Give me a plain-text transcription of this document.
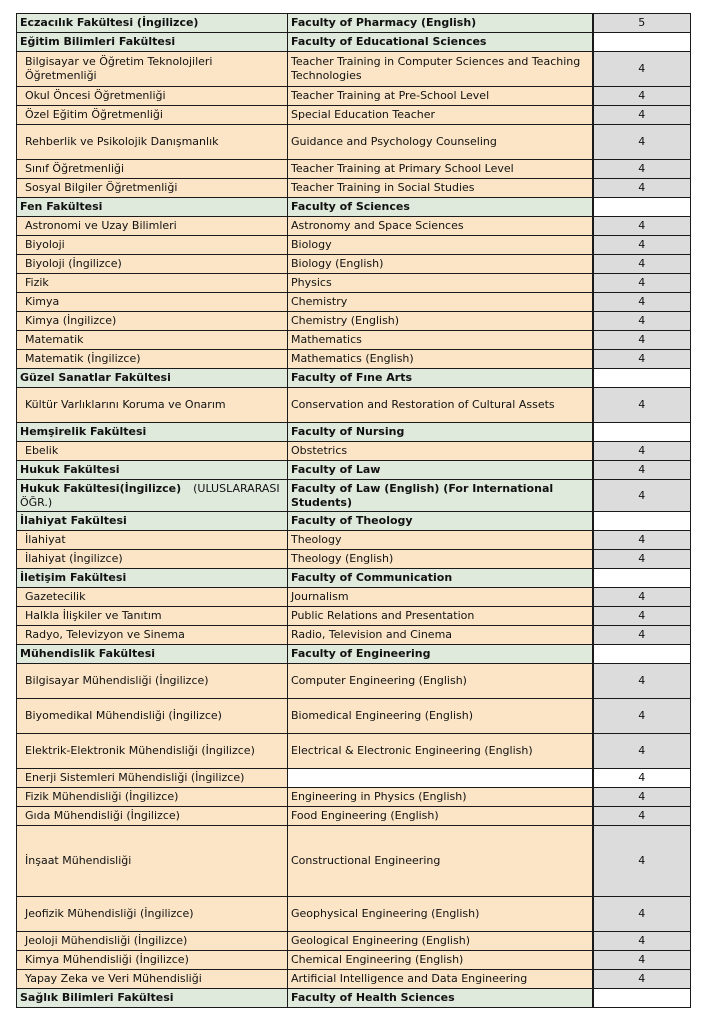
Eczacılık Fakültesi (İngilizce)	Faculty of Pharmacy (English)	5
Eğitim Bilimleri Fakültesi	Faculty of Educational Sciences	
Bilgisayar ve Öğretim Teknolojileri Öğretmenliği	Teacher Training in Computer Sciences and Teaching Technologies	4
Okul Öncesi Öğretmenliği	Teacher Training at Pre-School Level	4
Özel Eğitim Öğretmenliği	Special Education Teacher	4
Rehberlik ve Psikolojik Danışmanlık	Guidance and Psychology Counseling	4
Sınıf Öğretmenliği	Teacher Training at Primary School Level	4
Sosyal Bilgiler Öğretmenliği	Teacher Training in Social Studies	4
Fen Fakültesi	Faculty of Sciences	
Astronomi ve Uzay Bilimleri	Astronomy and Space Sciences	4
Biyoloji	Biology	4
Biyoloji (İngilizce)	Biology (English)	4
Fizik	Physics	4
Kimya	Chemistry	4
Kimya (İngilizce)	Chemistry (English)	4
Matematik	Mathematics	4
Matematik (İngilizce)	Mathematics (English)	4
Güzel Sanatlar Fakültesi	Faculty of Fıne Arts	
Kültür Varlıklarını Koruma ve Onarım	Conservation and Restoration of Cultural Assets	4
Hemşirelik Fakültesi	Faculty of Nursing	
Ebelik	Obstetrics	4
Hukuk Fakültesi	Faculty of Law	4
Hukuk Fakültesi(İngilizce) (ULUSLARARASI ÖĞR.)	Faculty of Law (English) (For International Students)	4
İlahiyat Fakültesi	Faculty of Theology	
İlahiyat	Theology	4
İlahiyat (İngilizce)	Theology (English)	4
İletişim Fakültesi	Faculty of Communication	
Gazetecilik	Journalism	4
Halkla İlişkiler ve Tanıtım	Public Relations and Presentation	4
Radyo, Televizyon ve Sinema	Radio, Television and Cinema	4
Mühendislik Fakültesi	Faculty of Engineering	
Bilgisayar Mühendisliği (İngilizce)	Computer Engineering (English)	4
Biyomedikal Mühendisliği (İngilizce)	Biomedical Engineering (English)	4
Elektrik-Elektronik Mühendisliği (İngilizce)	Electrical & Electronic Engineering (English)	4
Enerji Sistemleri Mühendisliği (İngilizce)		4
Fizik Mühendisliği (İngilizce)	Engineering in Physics (English)	4
Gıda Mühendisliği (İngilizce)	Food Engineering (English)	4
İnşaat Mühendisliği	Constructional Engineering	4
Jeofizik Mühendisliği (İngilizce)	Geophysical Engineering (English)	4
Jeoloji Mühendisliği (İngilizce)	Geological Engineering (English)	4
Kimya Mühendisliği (İngilizce)	Chemical Engineering (English)	4
Yapay Zeka ve Veri Mühendisliği	Artificial Intelligence and Data Engineering	4
Sağlık Bilimleri Fakültesi	Faculty of Health Sciences	
